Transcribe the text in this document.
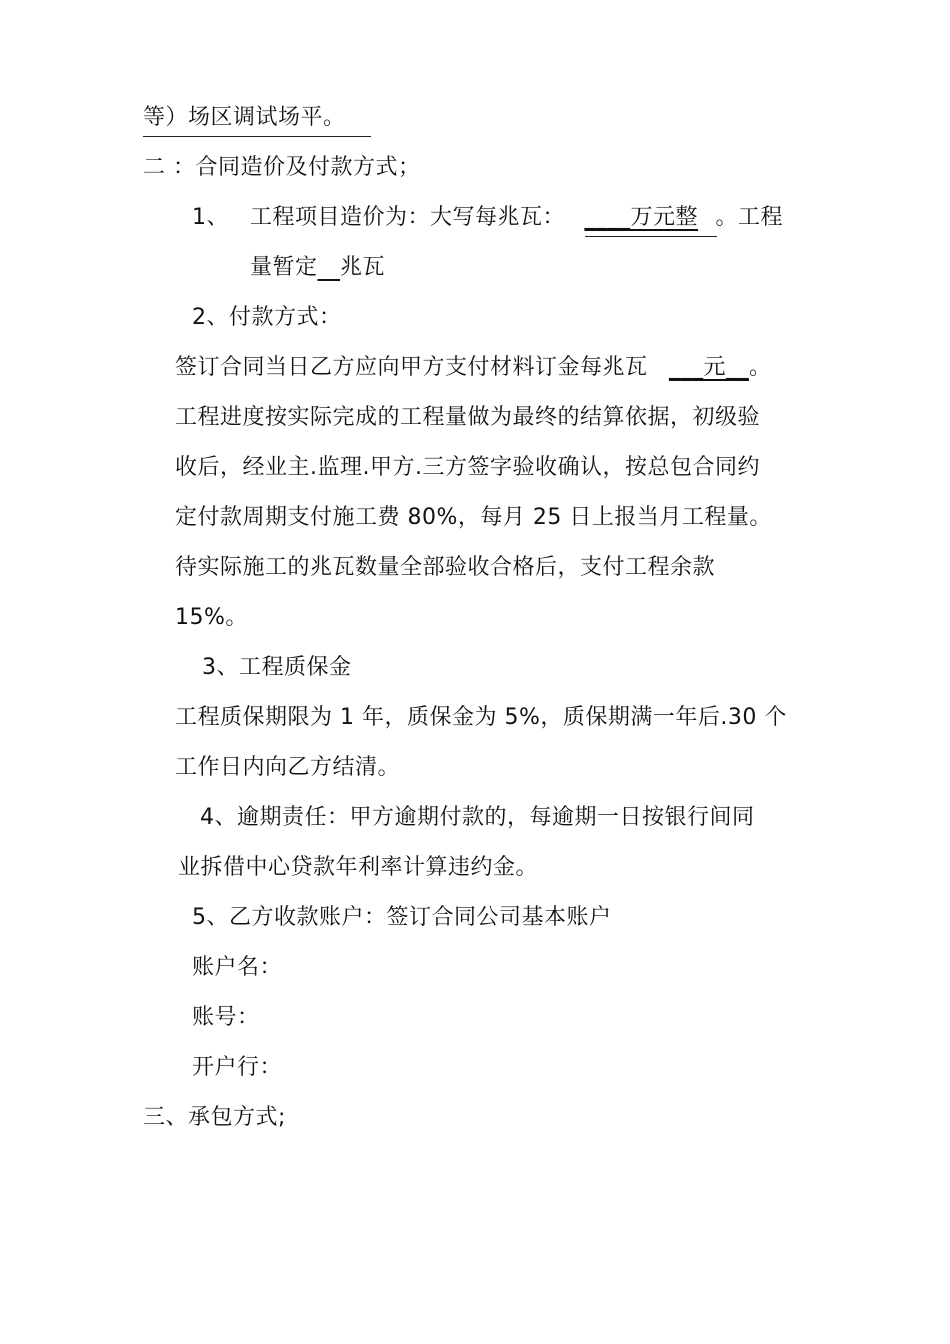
等）场区调试场平。
二 ：合同造价及付款方式；
1、 工程项目造价为：大写每兆瓦： ____万元整 。工程
量暂定 兆瓦
2、付款方式：
签订合同当日乙方应向甲方支付材料订金每兆瓦 ___元__。
工程进度按实际完成的工程量做为最终的结算依据，初级验
收后，经业主.监理.甲方.三方签字验收确认，按总包合同约
定付款周期支付施工费 80%，每月 25 日上报当月工程量。
待实际施工的兆瓦数量全部验收合格后，支付工程余款
15%。
3、工程质保金
工程质保期限为 1 年，质保金为 5%，质保期满一年后.30 个
工作日内向乙方结清。
4、逾期责任：甲方逾期付款的，每逾期一日按银行间同
业拆借中心贷款年利率计算违约金。
5、乙方收款账户：签订合同公司基本账户
账户名：
账号：
开户行：
三、承包方式;
